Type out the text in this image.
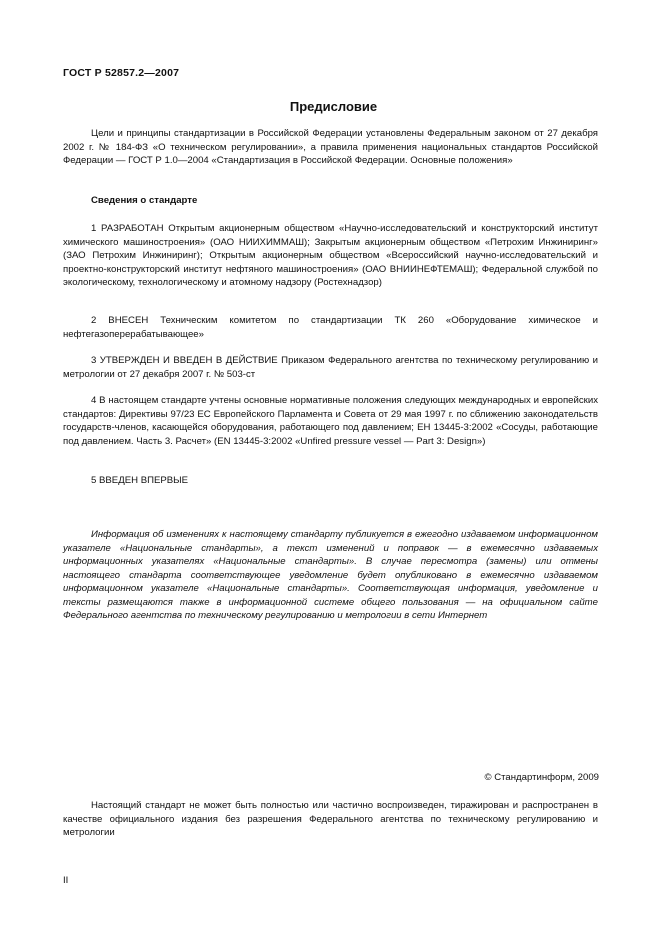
ГОСТ Р 52857.2—2007
Предисловие

Цели и принципы стандартизации в Российской Федерации установлены Федеральным законом от 27 декабря 2002 г. № 184-ФЗ «О техническом регулировании», а правила применения национальных стандартов Российской Федерации — ГОСТ Р 1.0—2004 «Стандартизация в Российской Федерации. Основные положения»

Сведения о стандарте

1 РАЗРАБОТАН Открытым акционерным обществом «Научно-исследовательский и конструкторский институт химического машиностроения» (ОАО НИИХИММАШ); Закрытым акционерным обществом «Петрохим Инжиниринг» (ЗАО Петрохим Инжиниринг); Открытым акционерным обществом «Всероссийский научно-исследовательский и проектно-конструкторский институт нефтяного машиностроения» (ОАО ВНИИНЕФТЕМАШ); Федеральной службой по экологическому, технологическому и атомному надзору (Ростехнадзор)

2 ВНЕСЕН Техническим комитетом по стандартизации ТК 260 «Оборудование химическое и нефтегазоперерабатывающее»

3 УТВЕРЖДЕН И ВВЕДЕН В ДЕЙСТВИЕ Приказом Федерального агентства по техническому регулированию и метрологии от 27 декабря 2007 г. № 503-ст

4 В настоящем стандарте учтены основные нормативные положения следующих международных и европейских стандартов: Директивы 97/23 ЕС Европейского Парламента и Совета от 29 мая 1997 г. по сближению законодательств государств-членов, касающейся оборудования, работающего под давлением; ЕН 13445-3:2002 «Сосуды, работающие под давлением. Часть 3. Расчет» (EN 13445-3:2002 «Unfired pressure vessel — Part 3: Design»)

5 ВВЕДЕН ВПЕРВЫЕ

Информация об изменениях к настоящему стандарту публикуется в ежегодно издаваемом информационном указателе «Национальные стандарты», а текст изменений и поправок — в ежемесячно издаваемых информационных указателях «Национальные стандарты». В случае пересмотра (замены) или отмены настоящего стандарта соответствующее уведомление будет опубликовано в ежемесячно издаваемом информационном указателе «Национальные стандарты». Соответствующая информация, уведомление и тексты размещаются также в информационной системе общего пользования — на официальном сайте Федерального агентства по техническому регулированию и метрологии в сети Интернет

© Стандартинформ, 2009

Настоящий стандарт не может быть полностью или частично воспроизведен, тиражирован и распространен в качестве официального издания без разрешения Федерального агентства по техническому регулированию и метрологии

II
